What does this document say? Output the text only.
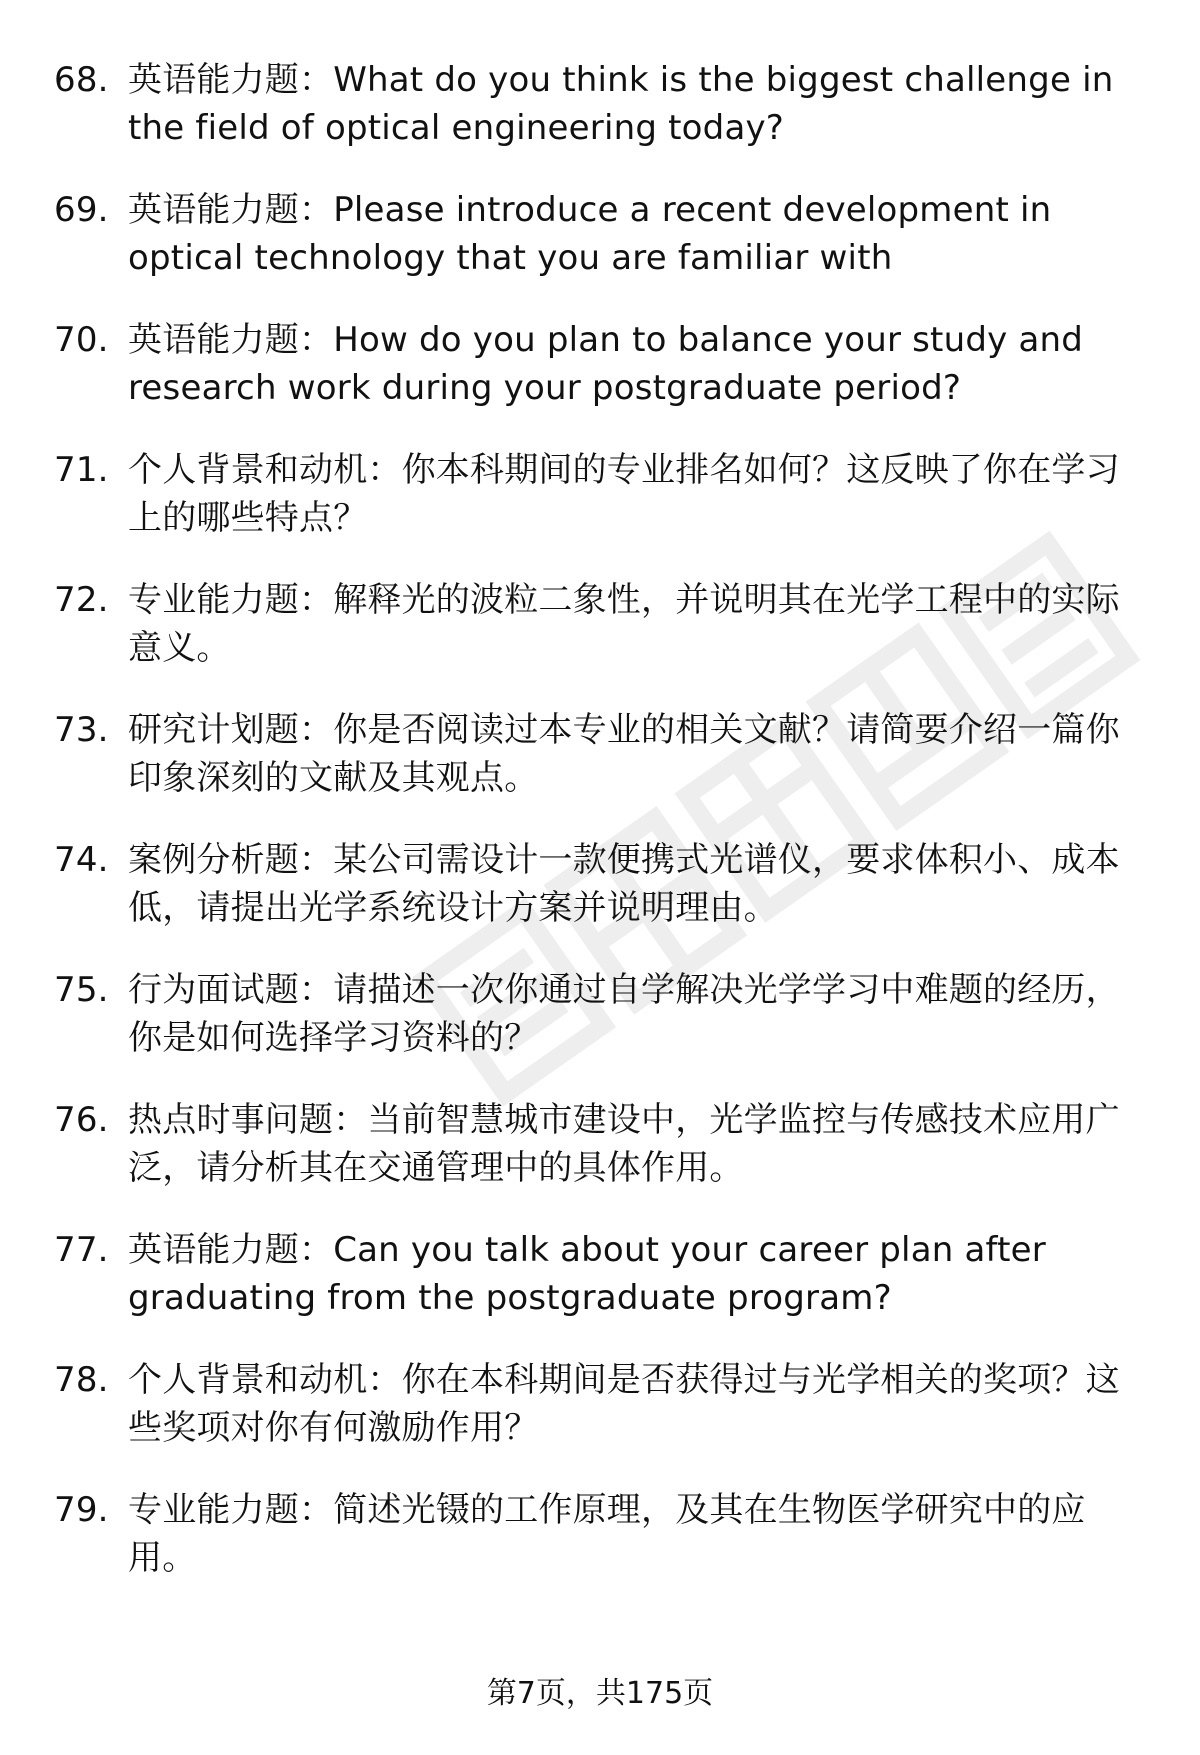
68. 英语能力题：What do you think is the biggest challenge in the field of optical engineering today?
69. 英语能力题：Please introduce a recent development in optical technology that you are familiar with
70. 英语能力题：How do you plan to balance your study and research work during your postgraduate period?
71. 个人背景和动机：你本科期间的专业排名如何？这反映了你在学习上的哪些特点？
72. 专业能力题：解释光的波粒二象性，并说明其在光学工程中的实际意义。
73. 研究计划题：你是否阅读过本专业的相关文献？请简要介绍一篇你印象深刻的文献及其观点。
74. 案例分析题：某公司需设计一款便携式光谱仪，要求体积小、成本低，请提出光学系统设计方案并说明理由。
75. 行为面试题：请描述一次你通过自学解决光学学习中难题的经历，你是如何选择学习资料的？
76. 热点时事问题：当前智慧城市建设中，光学监控与传感技术应用广泛，请分析其在交通管理中的具体作用。
77. 英语能力题：Can you talk about your career plan after graduating from the postgraduate program?
78. 个人背景和动机：你在本科期间是否获得过与光学相关的奖项？这些奖项对你有何激励作用？
79. 专业能力题：简述光镊的工作原理，及其在生物医学研究中的应用。
第7页，共175页
